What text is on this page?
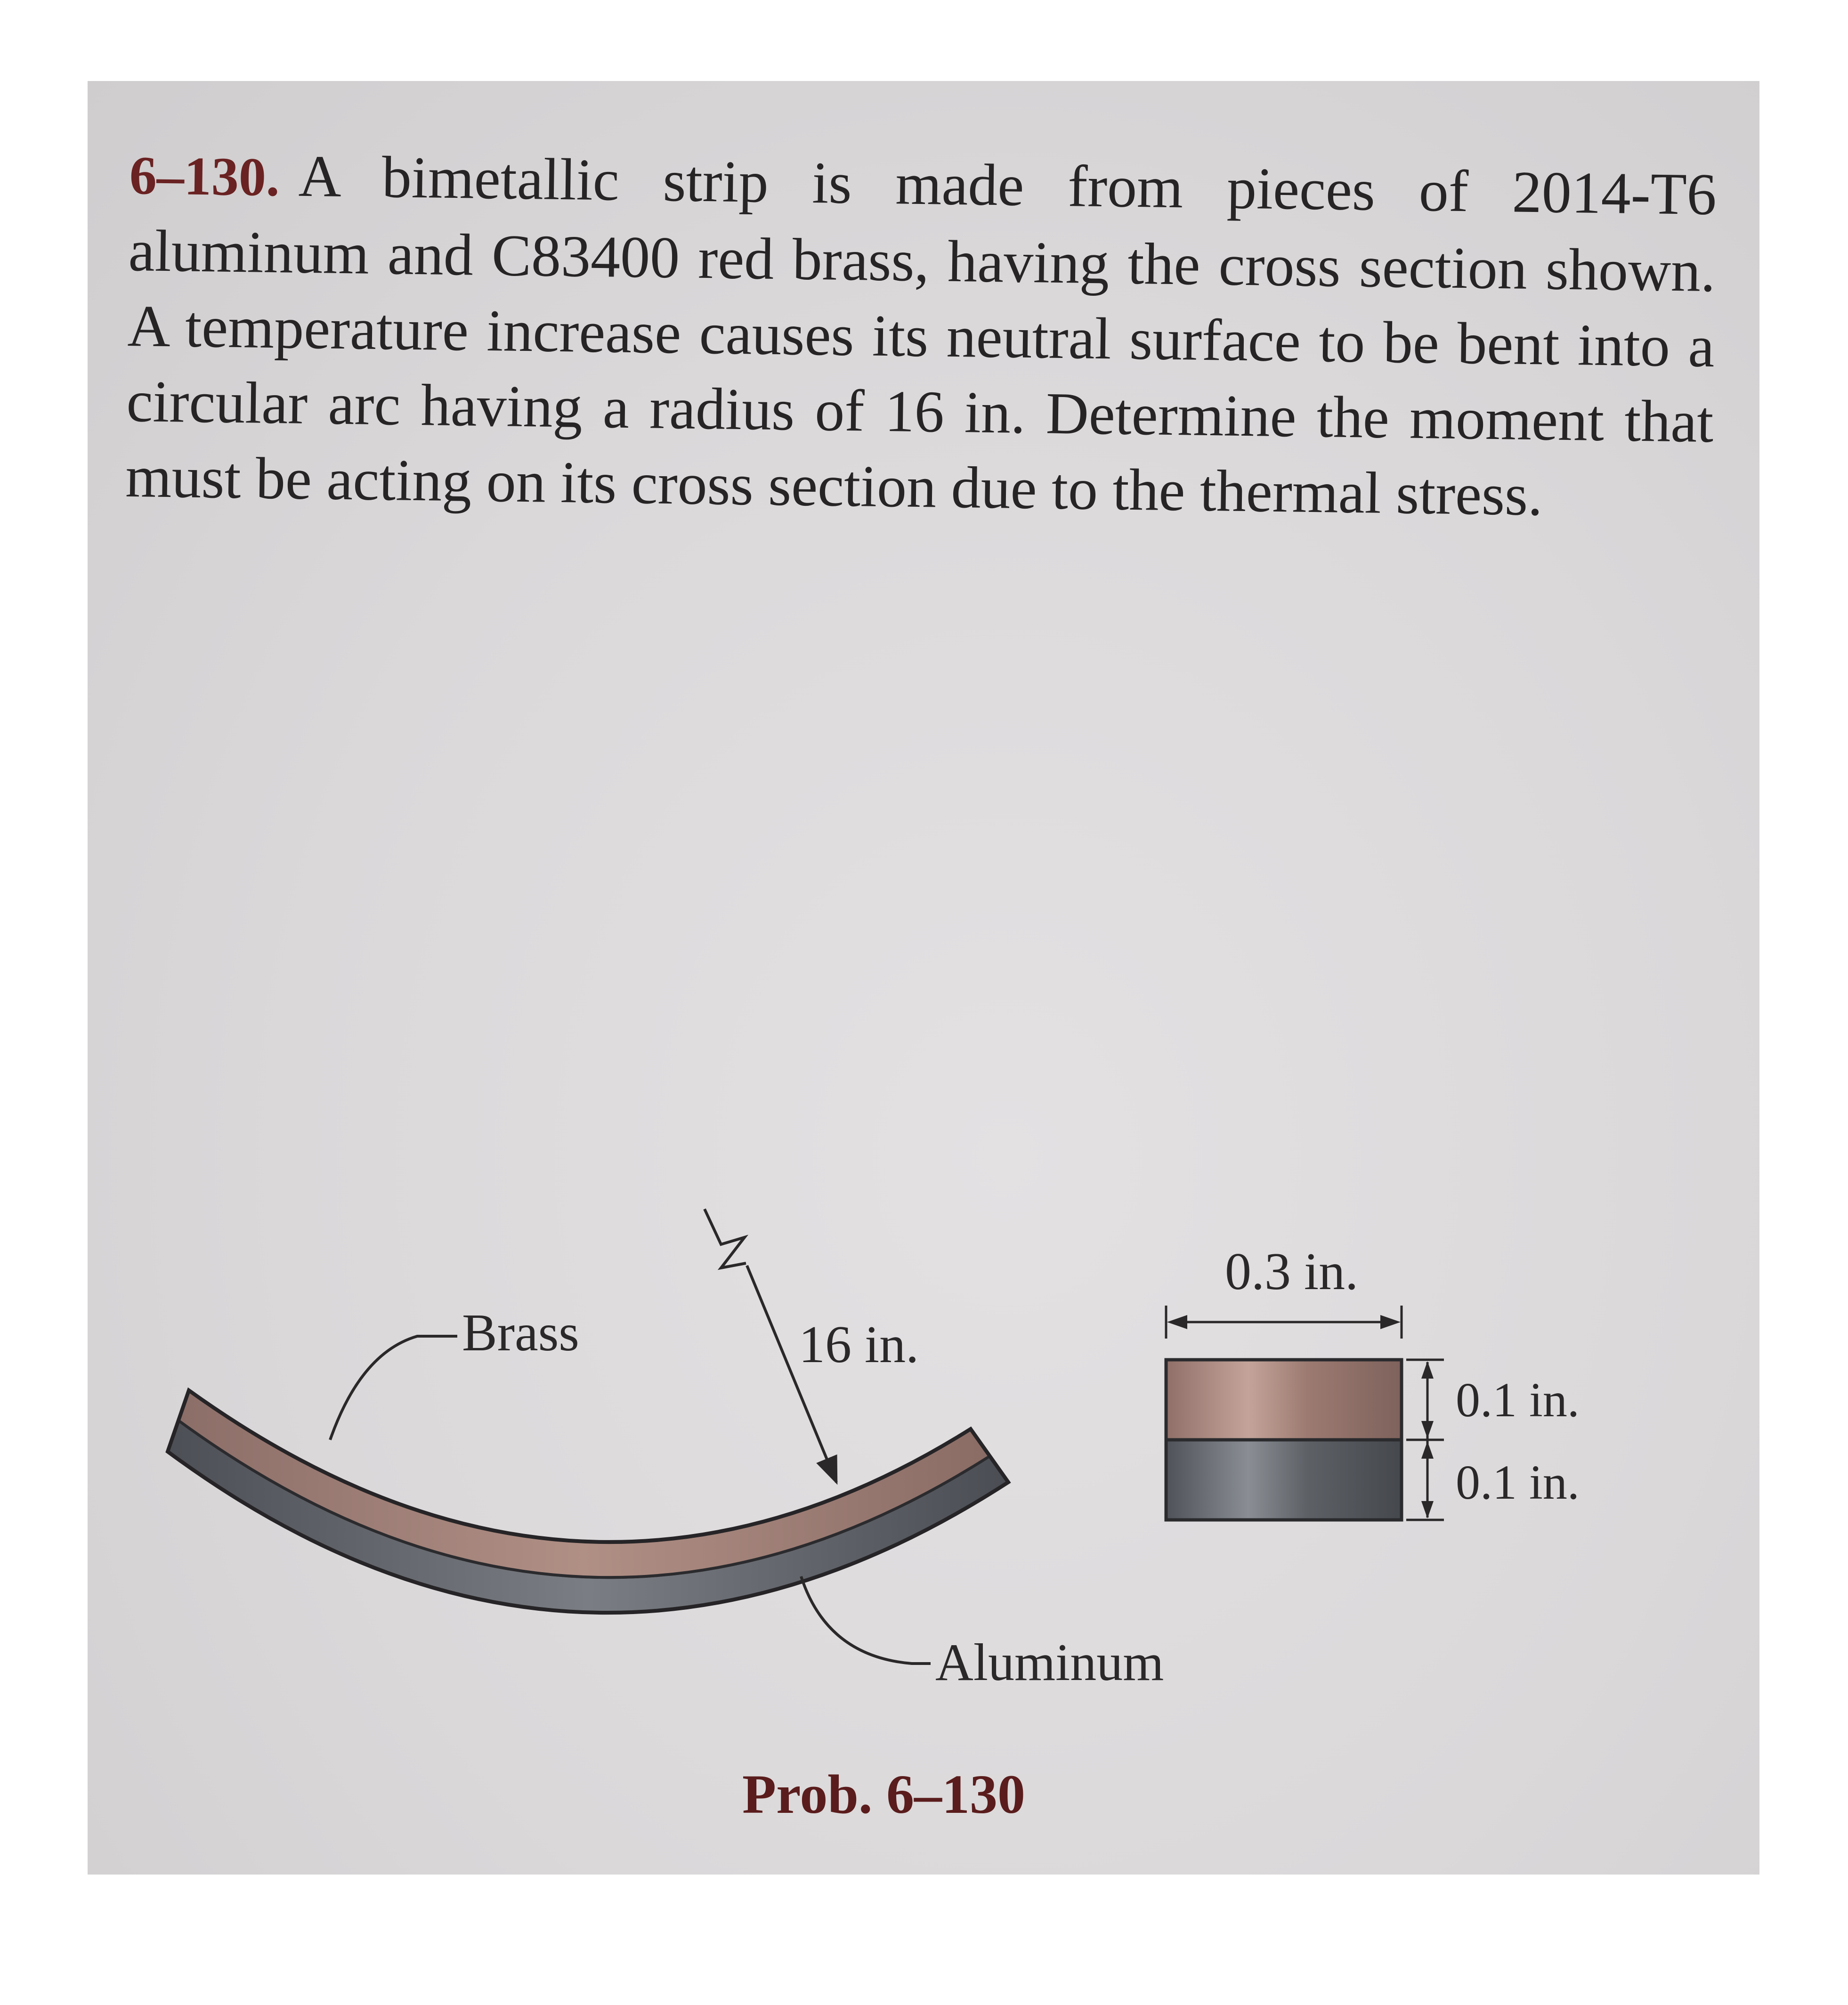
6–130. A bimetallic strip is made from pieces of 2014-T6 aluminum and C83400 red brass, having the cross section shown. A temperature increase causes its neutral surface to be bent into a circular arc having a radius of 16 in. Determine the moment that must be acting on its cross section due to the thermal stress.

16 in.
Brass
Aluminum
0.3 in.
0.1 in.
0.1 in.

Prob. 6–130
